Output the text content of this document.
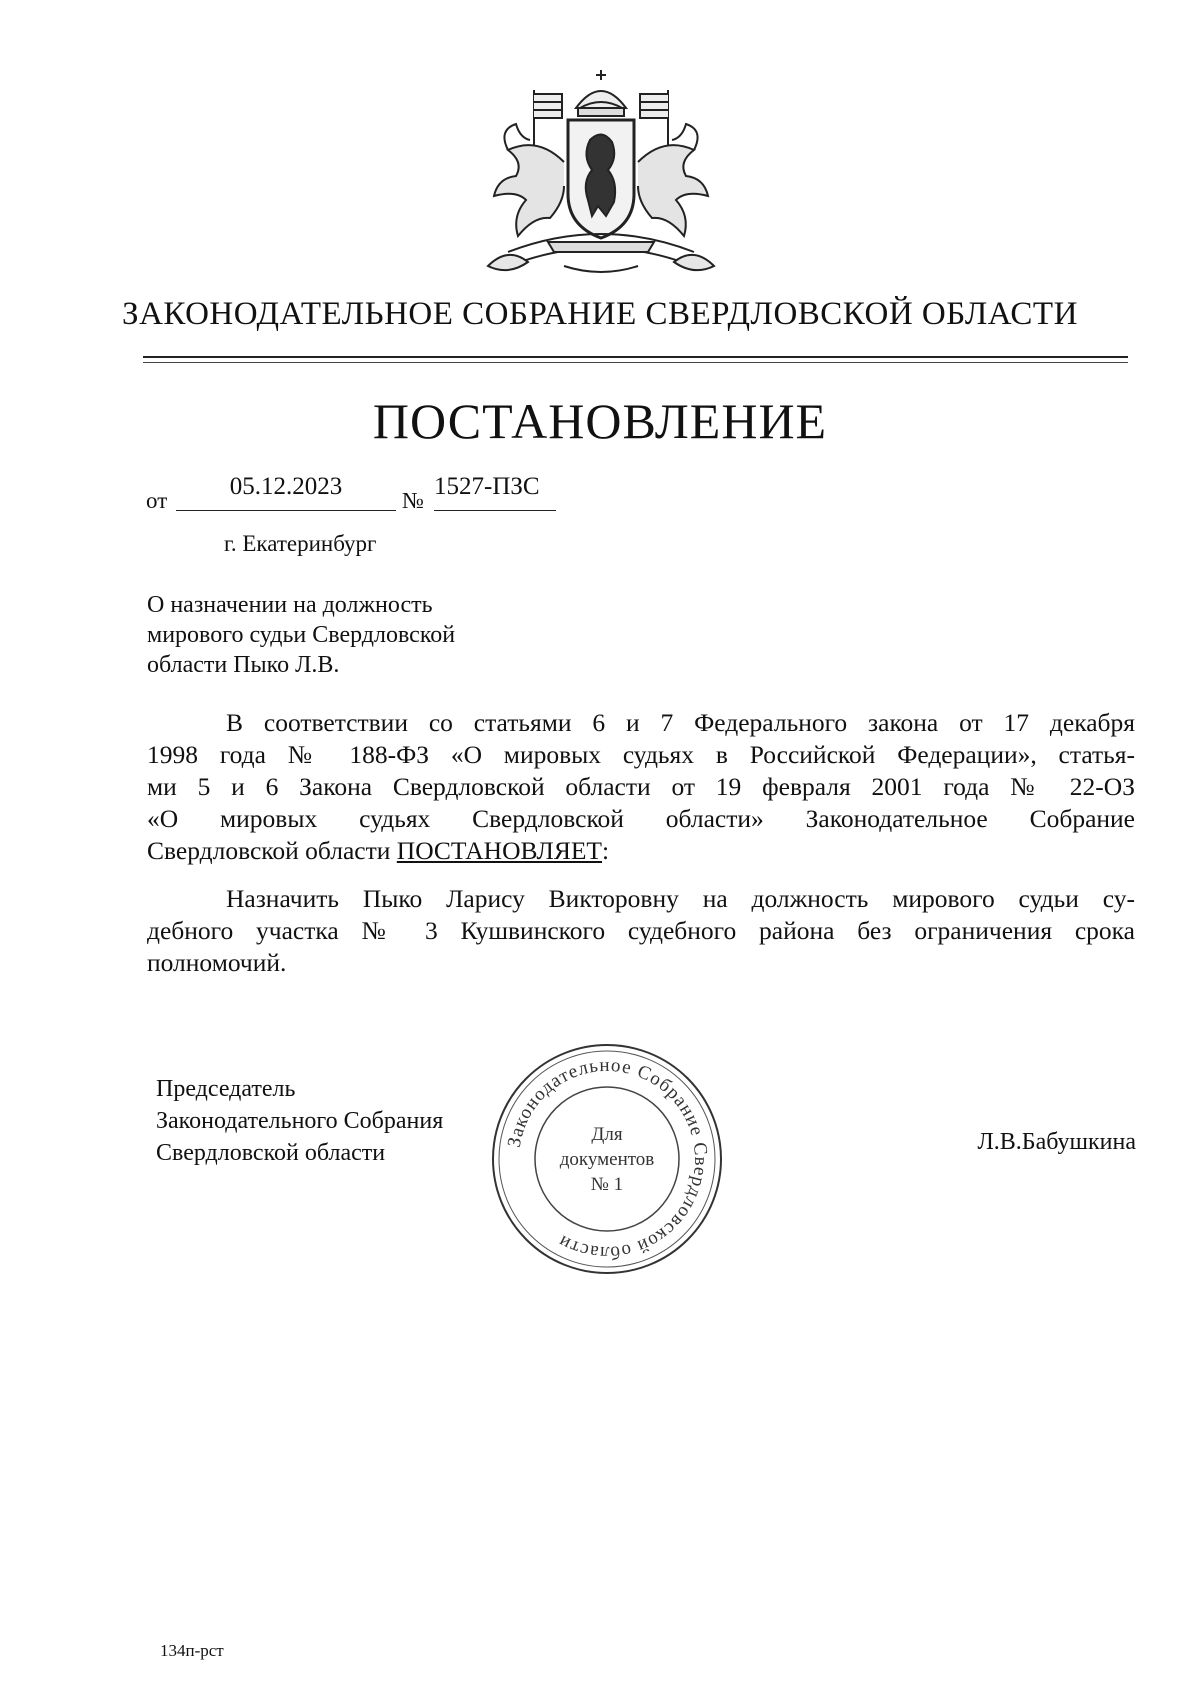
ЗАКОНОДАТЕЛЬНОЕ СОБРАНИЕ СВЕРДЛОВСКОЙ ОБЛАСТИ
ПОСТАНОВЛЕНИЕ
от
05.12.2023
№
1527-ПЗС
г. Екатеринбург
О назначении на должность
мирового судьи Свердловской
области Пыко Л.В.
В соответствии со статьями 6 и 7 Федерального закона от 17 декабря
1998 года № 188-ФЗ «О мировых судьях в Российской Федерации», статья-
ми 5 и 6 Закона Свердловской области от 19 февраля 2001 года № 22-ОЗ
«О мировых судьях Свердловской области» Законодательное Собрание
Свердловской области ПОСТАНОВЛЯЕТ:
Назначить Пыко Ларису Викторовну на должность мирового судьи су-
дебного участка № 3 Кушвинского судебного района без ограничения срока
полномочий.
Председатель
Законодательного Собрания
Свердловской области	Л.В.Бабушкина
Законодательное Собрание Свердловской области
Для
документов
№ 1
134п-рст
